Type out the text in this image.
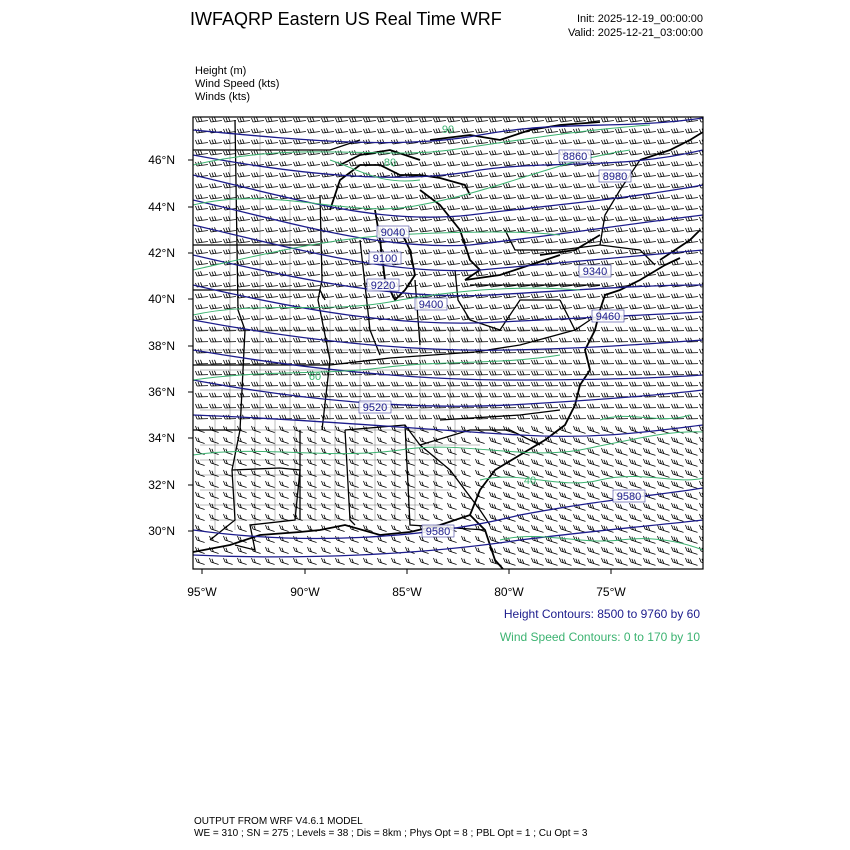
IWFAQRP Eastern US Real Time WRF	Init: 2025-12-19_00:00:00
Valid: 2025-12-21_03:00:00
Height (m)
Wind Speed (kts)
Winds (kts)
8860
8980
9040
9100
9220
9340
9400
9460
9520
9580
9580
90
80
60
40
46°N
44°N
42°N
40°N
38°N
36°N
34°N
32°N
30°N
95°W	90°W	85°W	80°W	75°W
Height Contours: 8500 to 9760 by 60
Wind Speed Contours: 0 to 170 by 10
OUTPUT FROM WRF V4.6.1 MODEL
WE = 310 ; SN = 275 ; Levels = 38 ; Dis = 8km ; Phys Opt = 8 ; PBL Opt = 1 ; Cu Opt = 3
